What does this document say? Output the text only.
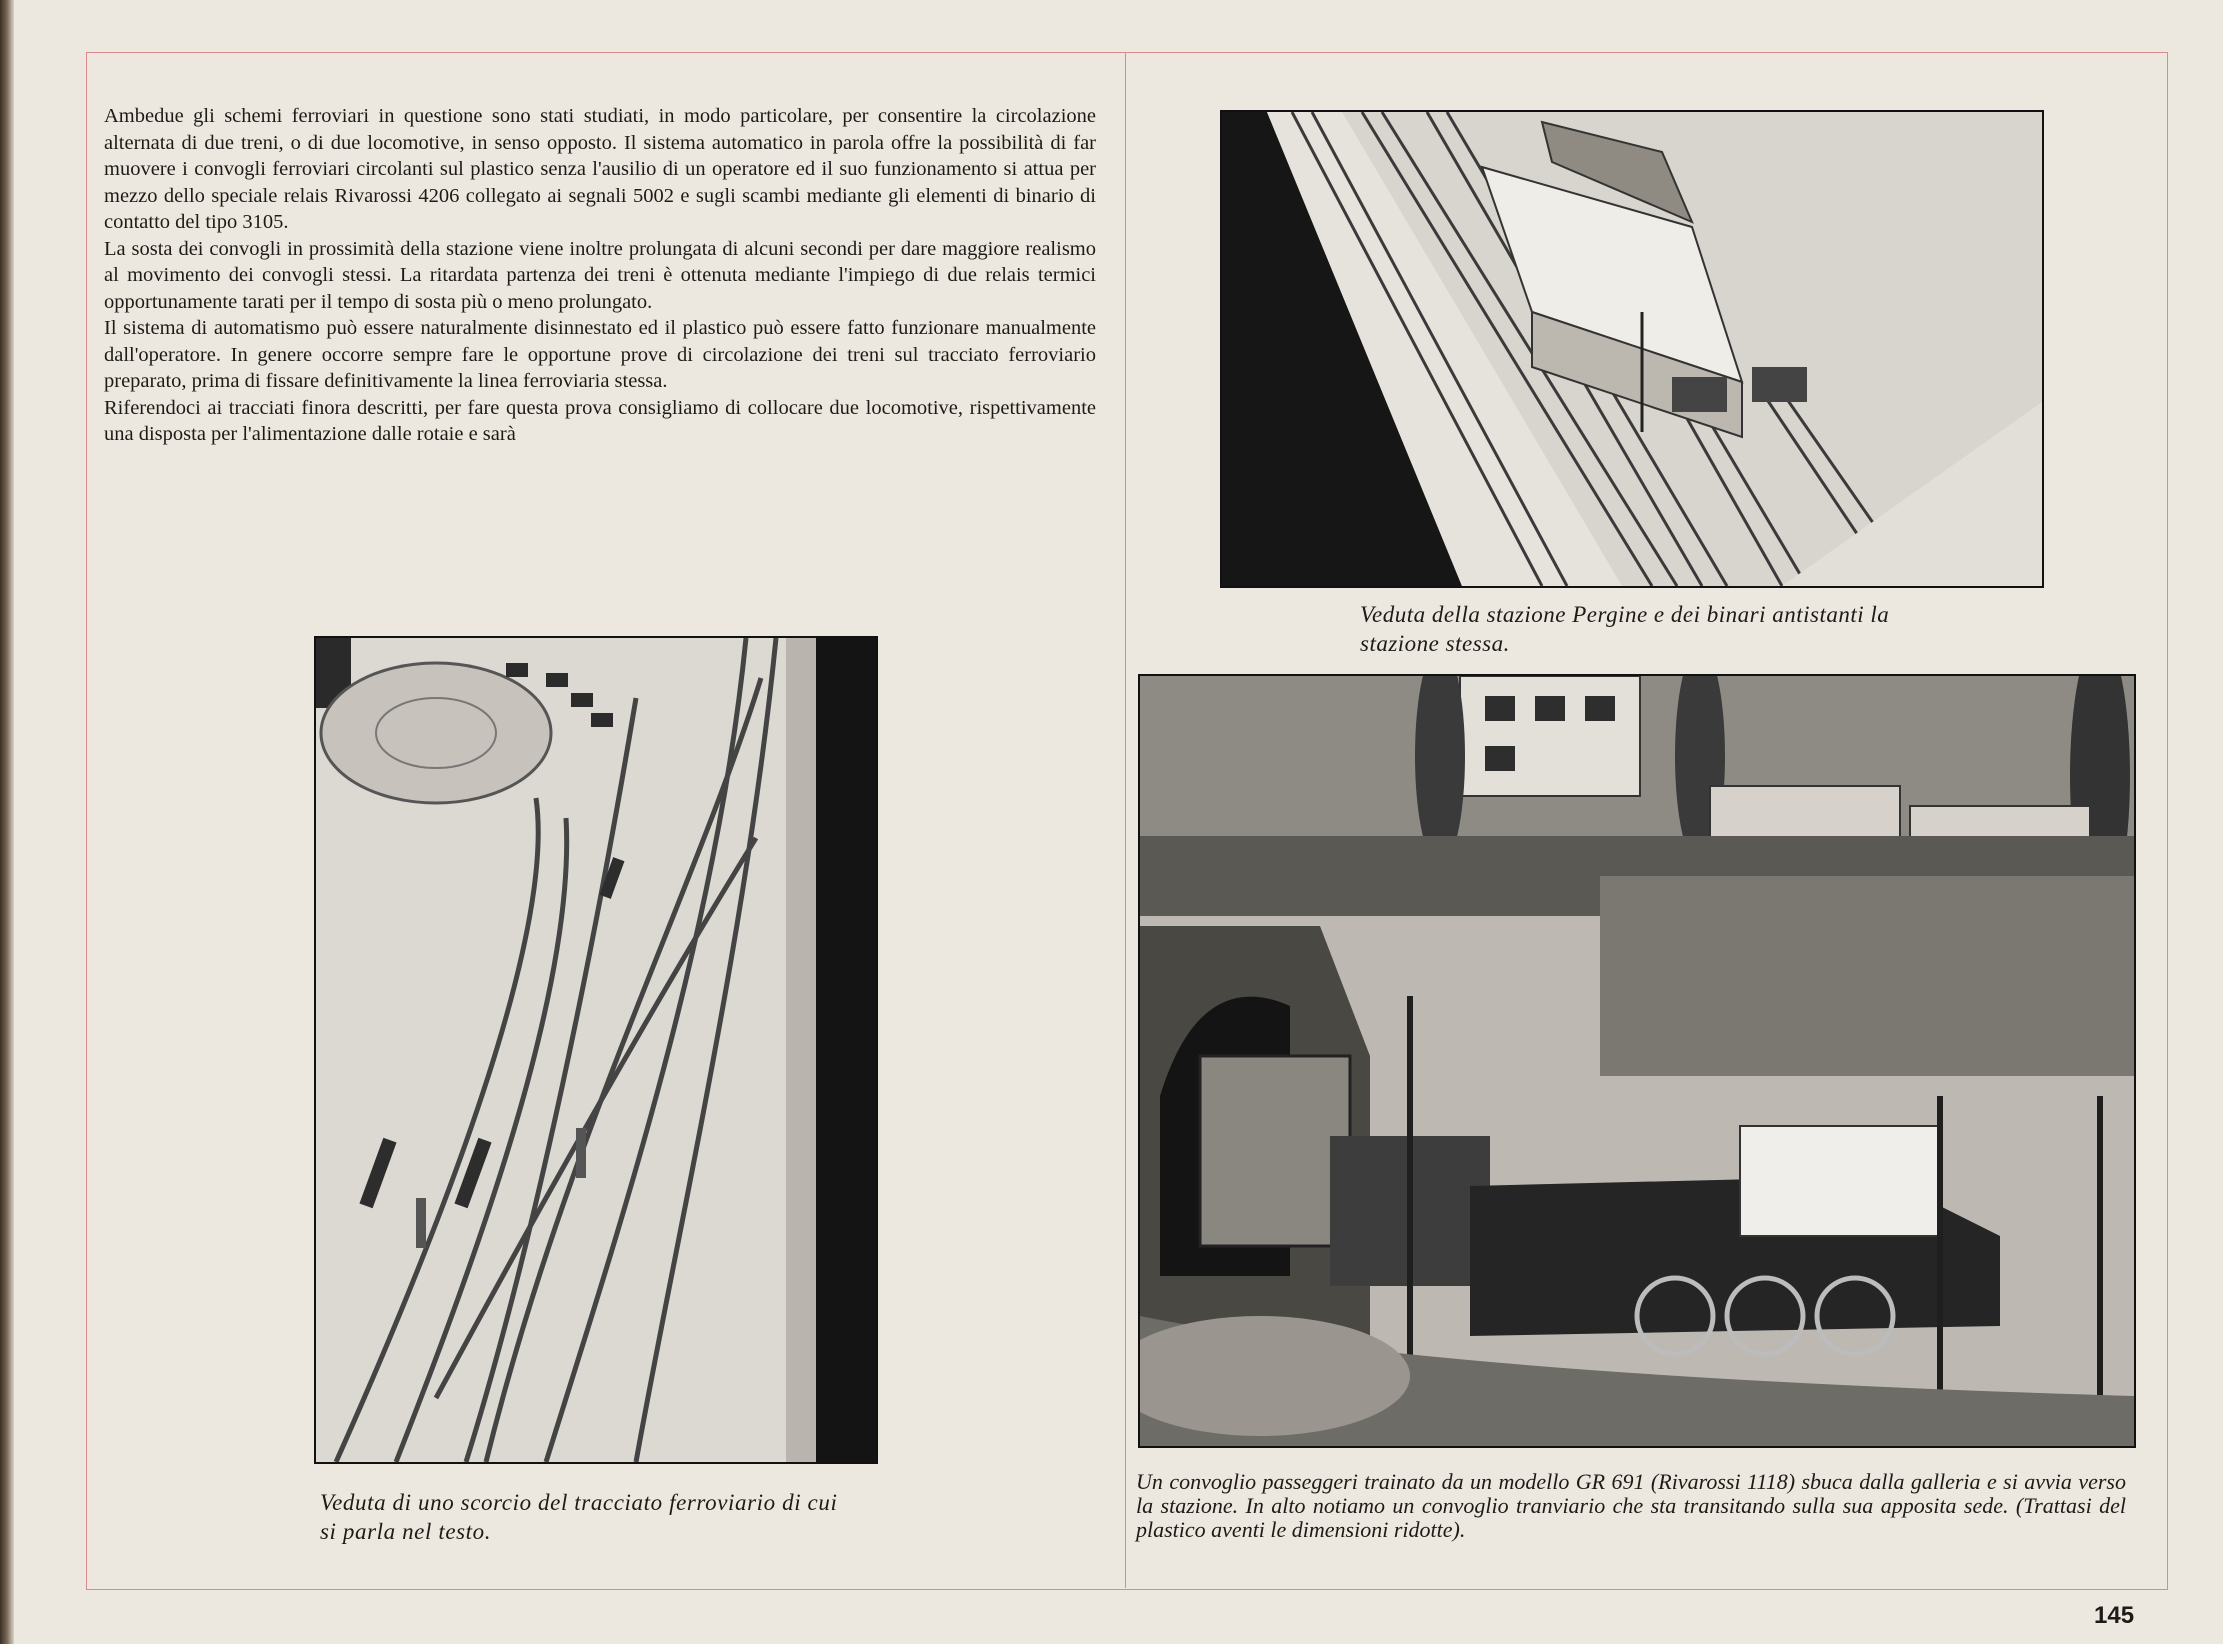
Ambedue gli schemi ferroviari in questione sono stati studiati, in modo particolare, per consentire la circolazione alternata di due treni, o di due locomotive, in senso opposto. Il sistema automatico in parola offre la possibilità di far muovere i convogli ferroviari circolanti sul plastico senza l'ausilio di un operatore ed il suo funzionamento si attua per mezzo dello speciale relais Rivarossi 4206 collegato ai segnali 5002 e sugli scambi mediante gli elementi di binario di contatto del tipo 3105.

La sosta dei convogli in prossimità della stazione viene inoltre prolungata di alcuni secondi per dare maggiore realismo al movimento dei convogli stessi. La ritardata partenza dei treni è ottenuta mediante l'impiego di due relais termici opportunamente tarati per il tempo di sosta più o meno prolungato.

Il sistema di automatismo può essere naturalmente disinnestato ed il plastico può essere fatto funzionare manualmente dall'operatore. In genere occorre sempre fare le opportune prove di circolazione dei treni sul tracciato ferroviario preparato, prima di fissare definitivamente la linea ferroviaria stessa.

Riferendoci ai tracciati finora descritti, per fare questa prova consigliamo di collocare due locomotive, rispettivamente una disposta per l'alimentazione dalle rotaie e sarà

Veduta della stazione Pergine e dei binari antistanti la stazione stessa.
Veduta di uno scorcio del tracciato ferroviario di cui si parla nel testo.
Un convoglio passeggeri trainato da un modello GR 691 (Rivarossi 1118) sbuca dalla galleria e si avvia verso la stazione. In alto notiamo un convoglio tranviario che sta transitando sulla sua apposita sede. (Trattasi del plastico aventi le dimensioni ridotte).
145
